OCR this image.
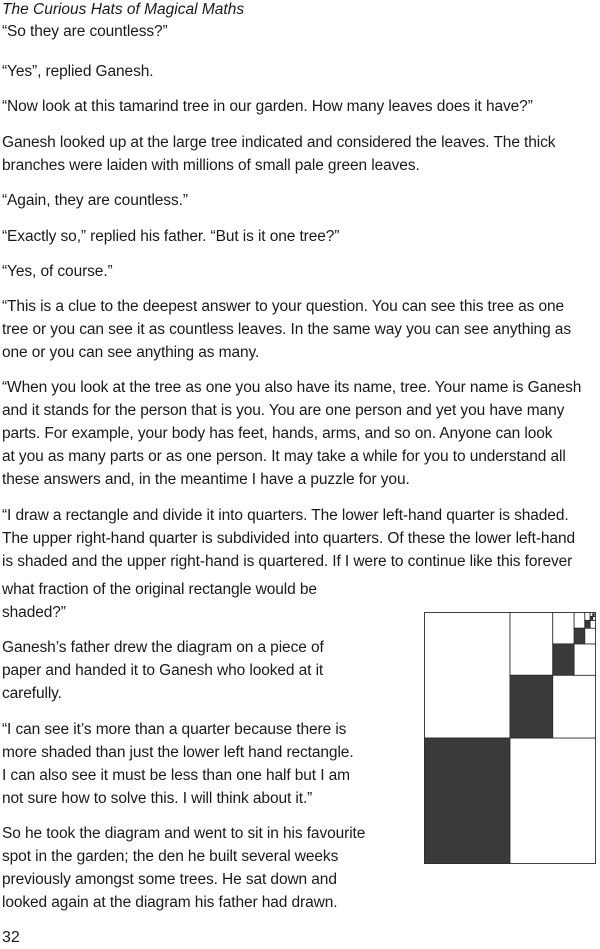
The Curious Hats of Magical Maths
“So they are countless?”
“Yes”, replied Ganesh.
“Now look at this tamarind tree in our garden. How many leaves does it have?”
Ganesh looked up at the large tree indicated and considered the leaves. The thick
branches were laiden with millions of small pale green leaves.
“Again, they are countless.”
“Exactly so,” replied his father. “But is it one tree?”
“Yes, of course.”
“This is a clue to the deepest answer to your question. You can see this tree as one
tree or you can see it as countless leaves. In the same way you can see anything as
one or you can see anything as many.
“When you look at the tree as one you also have its name, tree. Your name is Ganesh
and it stands for the person that is you. You are one person and yet you have many
parts. For example, your body has feet, hands, arms, and so on. Anyone can look
at you as many parts or as one person. It may take a while for you to understand all
these answers and, in the meantime I have a puzzle for you.
“I draw a rectangle and divide it into quarters. The lower left-hand quarter is shaded.
The upper right-hand quarter is subdivided into quarters. Of these the lower left-hand
is shaded and the upper right-hand is quartered. If I were to continue like this forever
what fraction of the original rectangle would be
shaded?”
Ganesh’s father drew the diagram on a piece of
paper and handed it to Ganesh who looked at it
carefully.
“I can see it’s more than a quarter because there is
more shaded than just the lower left hand rectangle.
I can also see it must be less than one half but I am
not sure how to solve this. I will think about it.”
So he took the diagram and went to sit in his favourite
spot in the garden; the den he built several weeks
previously amongst some trees. He sat down and
looked again at the diagram his father had drawn.
32
